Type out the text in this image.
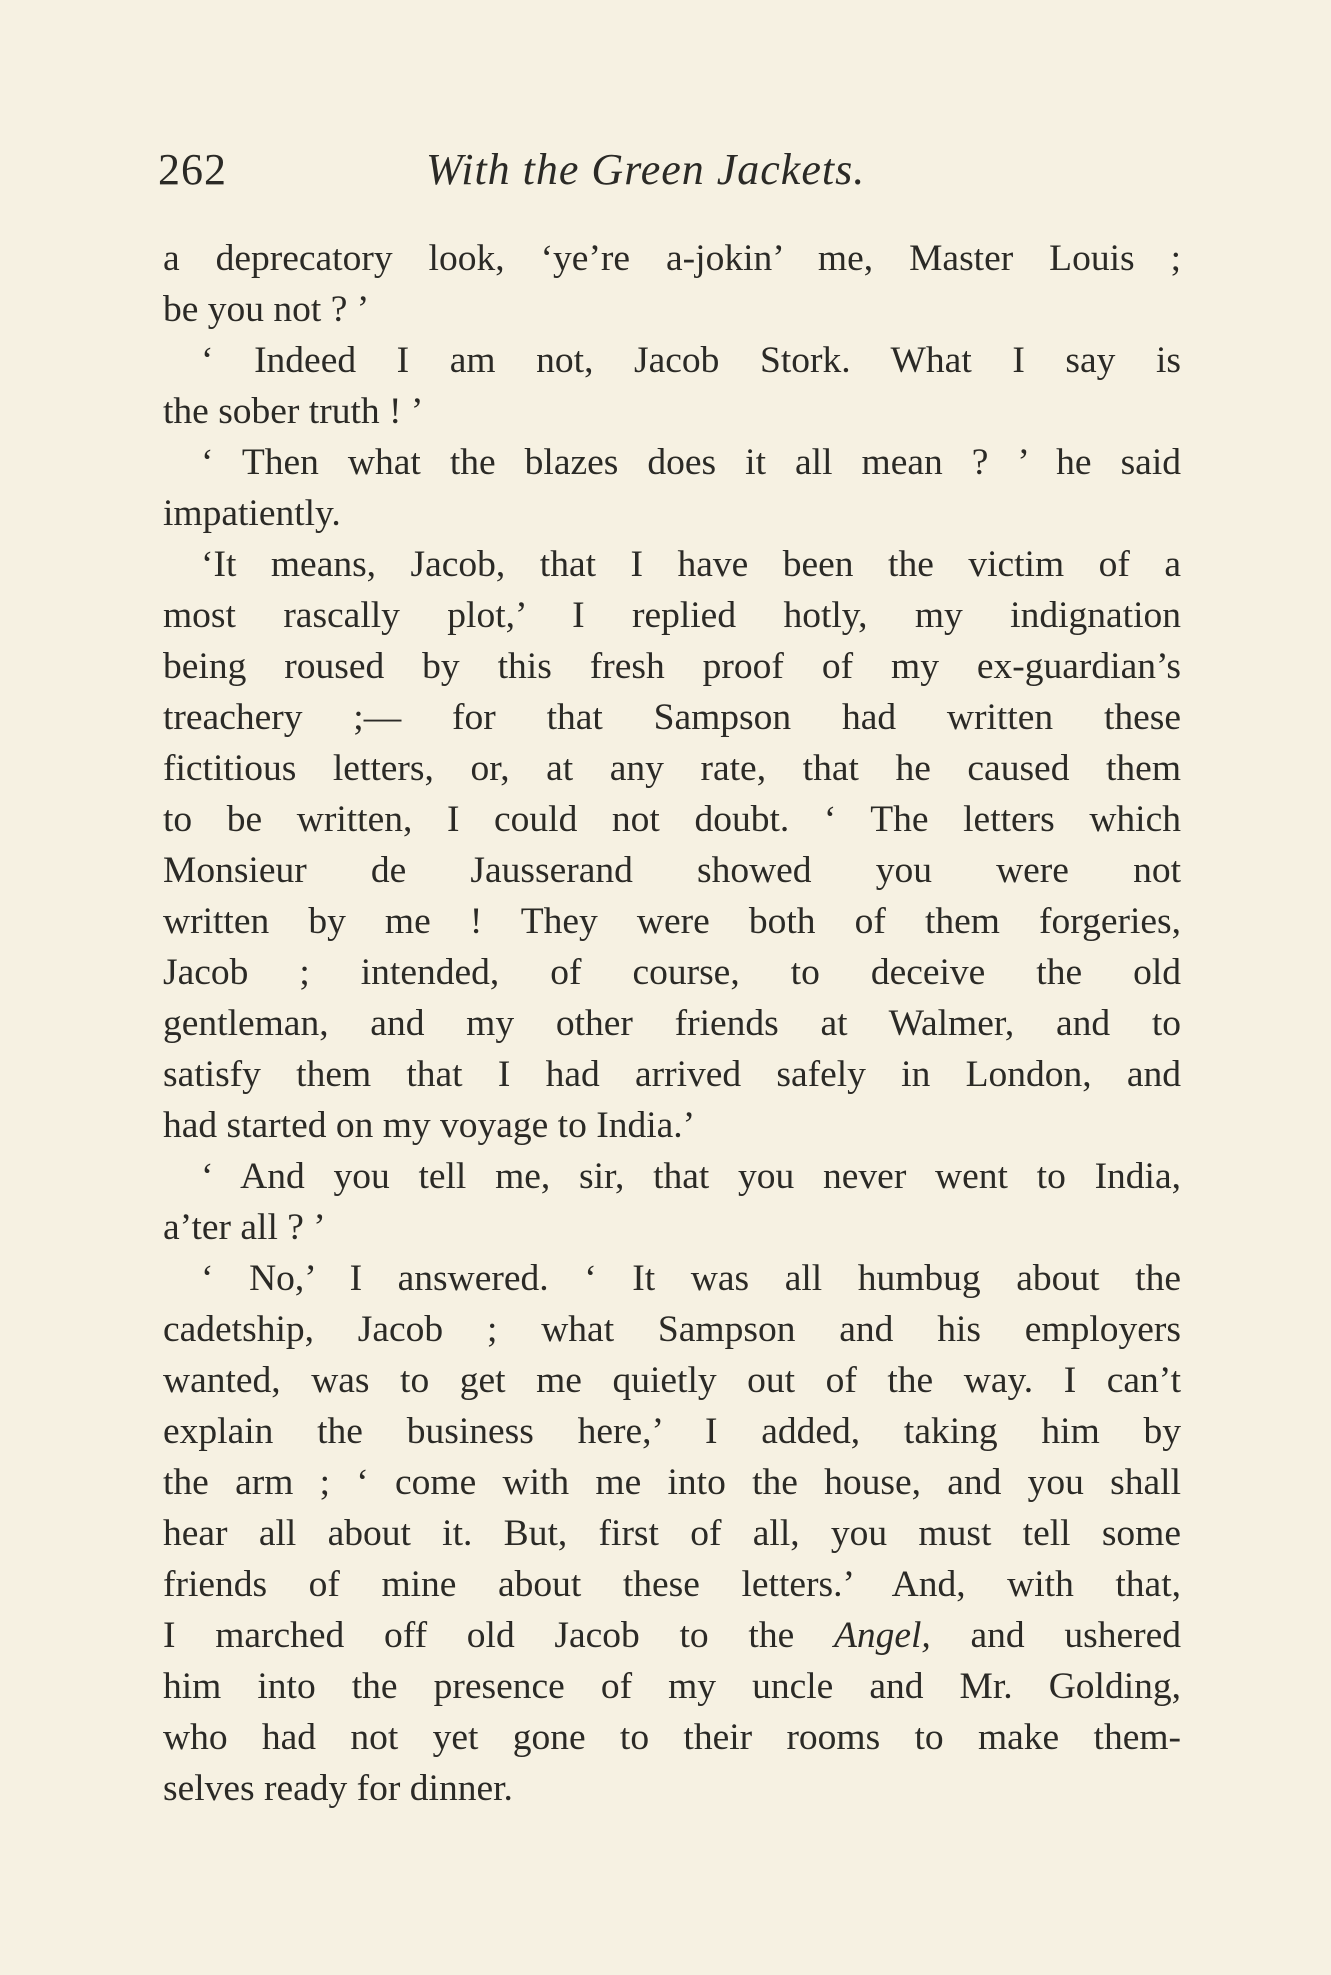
262	With the Green Jackets.
a deprecatory look, ‘ye’re a-jokin’ me, Master Louis ;
be you not ? ’
‘ Indeed I am not, Jacob Stork. What I say is
the sober truth ! ’
‘ Then what the blazes does it all mean ? ’ he said
impatiently.
‘It means, Jacob, that I have been the victim of a
most rascally plot,’ I replied hotly, my indignation
being roused by this fresh proof of my ex-guardian’s
treachery ;— for that Sampson had written these
fictitious letters, or, at any rate, that he caused them
to be written, I could not doubt. ‘ The letters which
Monsieur de Jausserand showed you were not
written by me ! They were both of them forgeries,
Jacob ; intended, of course, to deceive the old
gentleman, and my other friends at Walmer, and to
satisfy them that I had arrived safely in London, and
had started on my voyage to India.’
‘ And you tell me, sir, that you never went to India,
a’ter all ? ’
‘ No,’ I answered. ‘ It was all humbug about the
cadetship, Jacob ; what Sampson and his employers
wanted, was to get me quietly out of the way. I can’t
explain the business here,’ I added, taking him by
the arm ; ‘ come with me into the house, and you shall
hear all about it. But, first of all, you must tell some
friends of mine about these letters.’ And, with that,
I marched off old Jacob to the Angel, and ushered
him into the presence of my uncle and Mr. Golding,
who had not yet gone to their rooms to make them-
selves ready for dinner.
